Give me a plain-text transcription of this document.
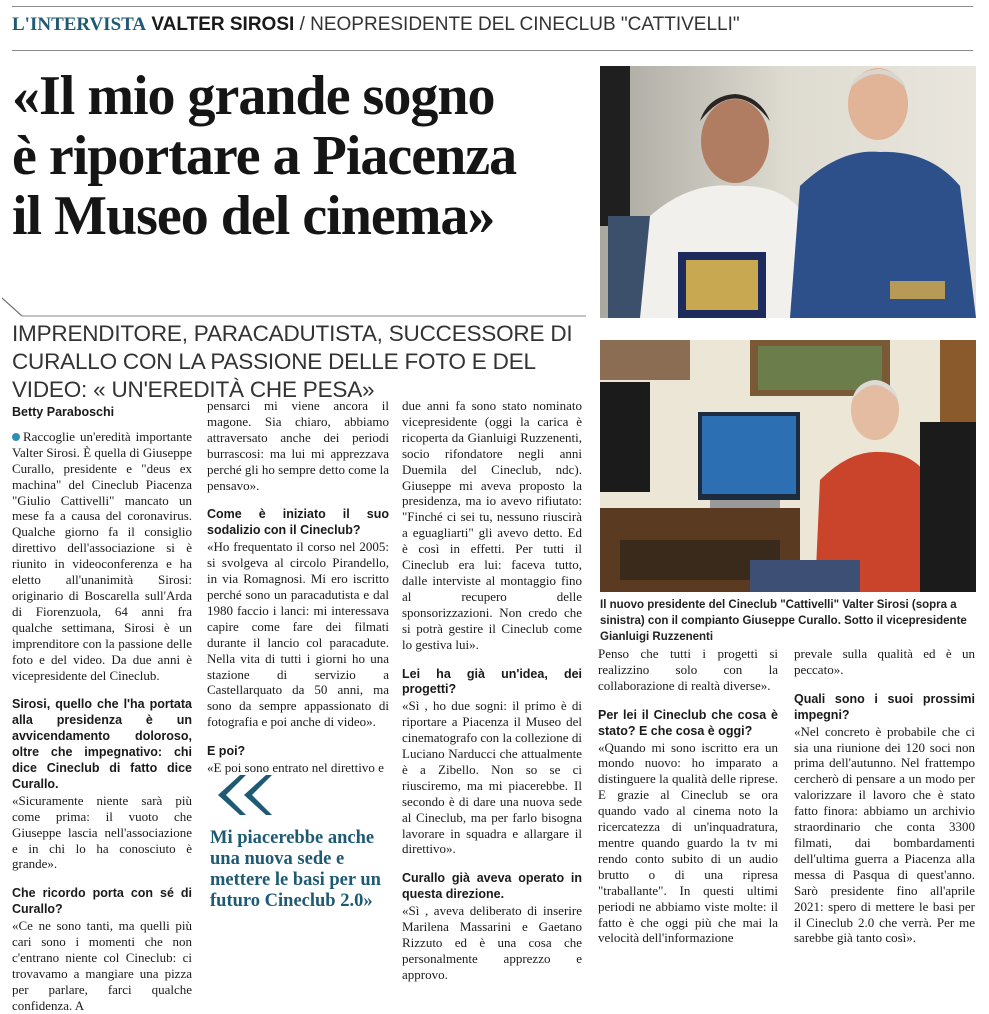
L'INTERVISTA VALTER SIROSI / NEOPRESIDENTE DEL CINECLUB "CATTIVELLI"
«Il mio grande sogno
è riportare a Piacenza
il Museo del cinema»
IMPRENDITORE, PARACADUTISTA, SUCCESSORE DI CURALLO CON LA PASSIONE DELLE FOTO E DEL VIDEO: « UN'EREDITÀ CHE PESA»

Betty Paraboschi

Raccoglie un'eredità importante Valter Sirosi. È quella di Giuseppe Curallo, presidente e "deus ex machina" del Cineclub Piacenza "Giulio Cattivelli" mancato un mese fa a causa del coronavirus. Qualche giorno fa il consiglio direttivo dell'associazione si è riunito in videoconferenza e ha eletto all'unanimità Sirosi: originario di Boscarella sull'Arda di Fiorenzuola, 64 anni fra qualche settimana, Sirosi è un imprenditore con la passione delle foto e del video. Da due anni è vicepresidente del Cineclub.

Sirosi, quello che l'ha portata alla presidenza è un avvicendamento doloroso, oltre che impegnativo: chi dice Cineclub di fatto dice Curallo.

«Sicuramente niente sarà più come prima: il vuoto che Giuseppe lascia nell'associazione e in chi lo ha conosciuto è grande».

Che ricordo porta con sé di Curallo?

«Ce ne sono tanti, ma quelli più cari sono i momenti che non c'entrano niente col Cineclub: ci trovavamo a mangiare una pizza per parlare, farci qualche confidenza. A

pensarci mi viene ancora il magone. Sia chiaro, abbiamo attraversato anche dei periodi burrascosi: ma lui mi apprezzava perché gli ho sempre detto come la pensavo».

Come è iniziato il suo sodalizio con il Cineclub?

«Ho frequentato il corso nel 2005: si svolgeva al circolo Pirandello, in via Romagnosi. Mi ero iscritto perché sono un paracadutista e dal 1980 faccio i lanci: mi interessava capire come fare dei filmati durante il lancio col paracadute. Nella vita di tutti i giorni ho una stazione di servizio a Castellarquato da 50 anni, ma sono da sempre appassionato di fotografia e poi anche di video».

E poi?

«E poi sono entrato nel direttivo e

Mi piacerebbe anche una nuova sede e mettere le basi per un futuro Cineclub 2.0»

due anni fa sono stato nominato vicepresidente (oggi la carica è ricoperta da Gianluigi Ruzzenenti, socio rifondatore negli anni Duemila del Cineclub, ndc). Giuseppe mi aveva proposto la presidenza, ma io avevo rifiutato: "Finché ci sei tu, nessuno riuscirà a eguagliarti" gli avevo detto. Ed è così in effetti. Per tutti il Cineclub era lui: faceva tutto, dalle interviste al montaggio fino al recupero delle sponsorizzazioni. Non credo che si potrà gestire il Cineclub come lo gestiva lui».

Lei ha già un'idea, dei progetti?

«Sì , ho due sogni: il primo è di riportare a Piacenza il Museo del cinematografo con la collezione di Luciano Narducci che attualmente è a Zibello. Non so se ci riusciremo, ma mi piacerebbe. Il secondo è di dare una nuova sede al Cineclub, ma per farlo bisogna lavorare in squadra e allargare il direttivo».

Curallo già aveva operato in questa direzione.

«Sì , aveva deliberato di inserire Marilena Massarini e Gaetano Rizzuto ed è una cosa che personalmente apprezzo e approvo.

Il nuovo presidente del Cineclub "Cattivelli" Valter Sirosi (sopra a sinistra) con il compianto Giuseppe Curallo. Sotto il vicepresidente Gianluigi Ruzzenenti

Penso che tutti i progetti si realizzino solo con la collaborazione di realtà diverse».

Per lei il Cineclub che cosa è stato? E che cosa è oggi?

«Quando mi sono iscritto era un mondo nuovo: ho imparato a distinguere la qualità delle riprese. E grazie al Cineclub se ora quando vado al cinema noto la ricercatezza di un'inquadratura, mentre quando guardo la tv mi rendo conto subito di un audio brutto o di una ripresa "traballante". In questi ultimi periodi ne abbiamo viste molte: il fatto è che oggi più che mai la velocità dell'informazione

prevale sulla qualità ed è un peccato».

Quali sono i suoi prossimi impegni?

«Nel concreto è probabile che ci sia una riunione dei 120 soci non prima dell'autunno. Nel frattempo cercherò di pensare a un modo per valorizzare il lavoro che è stato fatto finora: abbiamo un archivio straordinario che conta 3300 filmati, dai bombardamenti dell'ultima guerra a Piacenza alla messa di Pasqua di quest'anno. Sarò presidente fino all'aprile 2021: spero di mettere le basi per il Cineclub 2.0 che verrà. Per me sarebbe già tanto così».
